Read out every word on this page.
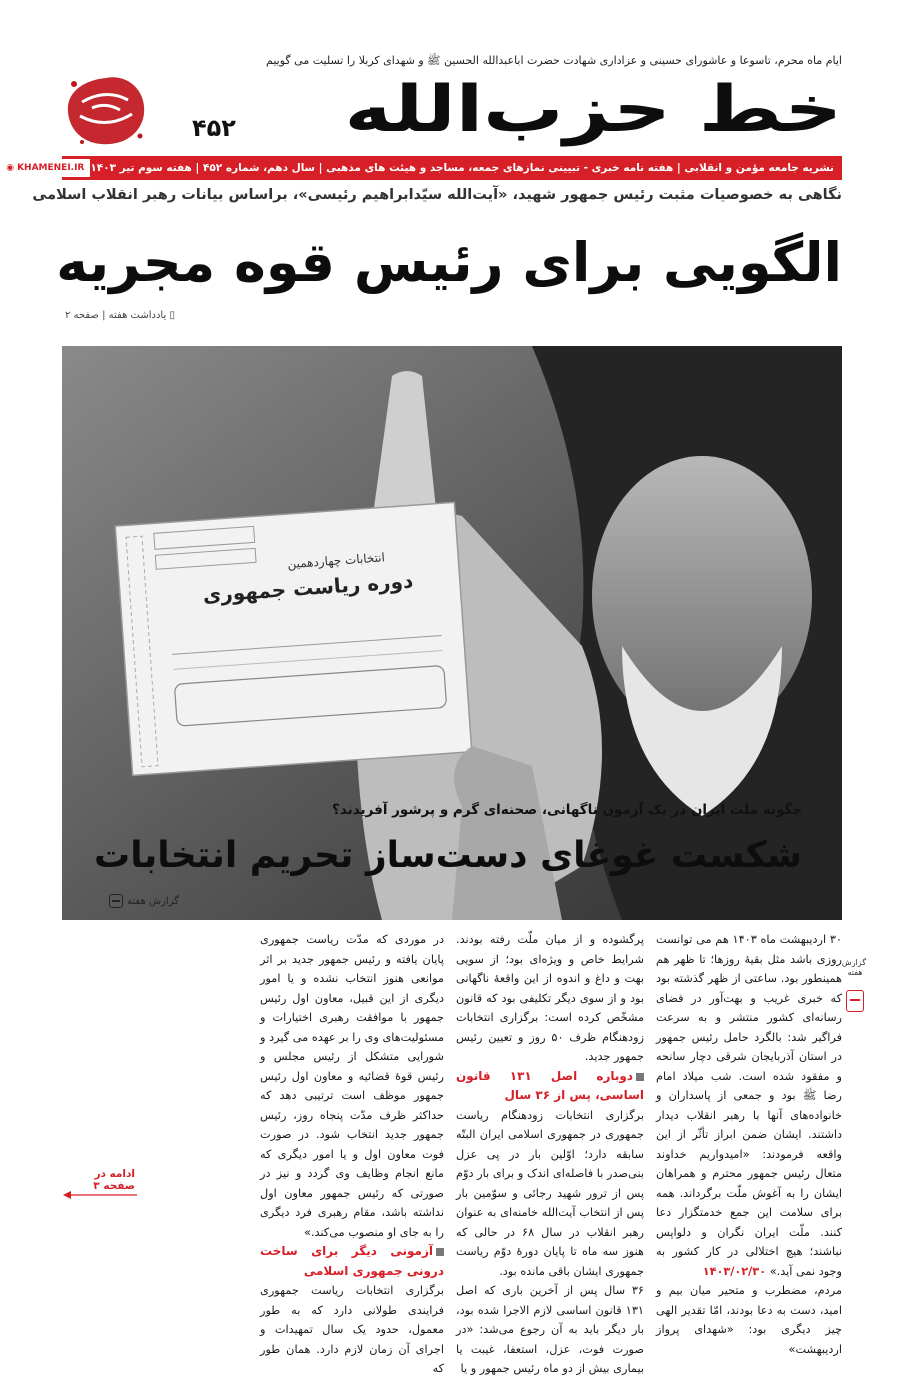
ایام ماه محرم، تاسوعا و عاشورای حسینی و عزاداری شهادت حضرت اباعبدالله الحسین ﷺ و شهدای کربلا را تسلیت می گوییم
خط حزب‌الله
۴۵۲
نشریه جامعه مؤمن و انقلابی | هفته نامه خبری - تبیینی نمازهای جمعه، مساجد و هیئت های مذهبی | سال دهم، شماره ۴۵۲ | هفته سوم تیر ۱۴۰۳
◉ KHAMENEI.IR
نگاهی به خصوصیات مثبت رئیس جمهور شهید، «آیت‌الله سیّدابراهیم رئیسی»، براساس بیانات رهبر انقلاب اسلامی
الگویی برای رئیس قوه مجریه
▯ یادداشت هفته | صفحه ۲
انتخابات چهاردهمین
دوره ریاست جمهوری
چگونه ملت ایران در یک آزمون ناگهانی، صحنه‌ای گرم و پرشور آفریدند؟
شکست غوغای دست‌ساز تحریم انتخابات
گزارش هفته
گزارش هفته

۳۰ اردیبهشت ماه ۱۴۰۳ هم می توانست روزی باشد مثل بقیهٔ روزها؛ تا ظهر هم همینطور بود. ساعتی از ظهر گذشته بود که خبری غریب و بهت‌آور در فضای رسانه‌ای کشور منتشر و به سرعت فراگیر شد: بالگرد حامل رئیس جمهور در استان آذربایجان شرقی دچار سانحه و مفقود شده است. شب میلاد امام رضا ﷺ بود و جمعی از پاسداران و خانواده‌های آنها با رهبر انقلاب دیدار داشتند. ایشان ضمن ابراز تأثّر از این واقعه فرمودند: «امیدواریم خداوند متعال رئیس جمهور محترم و همراهان ایشان را به آغوش ملّت برگرداند. همه برای سلامت این جمع خدمتگزار دعا کنند. ملّت ایران نگران و دلواپس نباشند؛ هیچ اختلالی در کار کشور به وجود نمی آید.» ۱۴۰۳/۰۲/۳۰

مردم، مضطرب و متحیر میان بیم و امید، دست به دعا بودند، امّا تقدیر الهی چیز دیگری بود: «شهدای پرواز اردیبهشت»

پرگشوده و از میان ملّت رفته بودند. شرایط خاص و ویژه‌ای بود؛ از سویی بهت و داغ و اندوه از این واقعهٔ ناگهانی بود و از سوی دیگر تکلیفی بود که قانون مشخّص کرده است: برگزاری انتخابات زودهنگام ظرف ۵۰ روز و تعیین رئیس جمهور جدید.

دوباره اصل ۱۳۱ قانون اساسی، پس از ۳۶ سال

برگزاری انتخابات زودهنگام ریاست جمهوری در جمهوری اسلامی ایران البتّه سابقه دارد؛ اوّلین بار در پی عزل بنی‌صدر با فاصله‌ای اندک و برای بار دوّم پس از ترور شهید رجائی و سوّمین بار پس از انتخاب آیت‌الله خامنه‌ای به عنوان رهبر انقلاب در سال ۶۸ در حالی که هنوز سه ماه تا پایان دورهٔ دوّم ریاست جمهوری ایشان باقی مانده بود.

۳۶ سال پس از آخرین باری که اصل ۱۳۱ قانون اساسی لازم الاجرا شده بود، بار دیگر باید به آن رجوع می‌شد: «در صورت فوت، عزل، استعفا، غیبت یا بیماری بیش از دو ماه رئیس جمهور و یا

در موردی که مدّت ریاست جمهوری پایان یافته و رئیس جمهور جدید بر اثر موانعی هنوز انتخاب نشده و یا امور دیگری از این قبیل، معاون اول رئیس جمهور با موافقت رهبری اختیارات و مسئولیت‌های وی را بر عهده می گیرد و شورایی متشکل از رئیس مجلس و رئیس قوهٔ قضائیه و معاون اول رئیس جمهور موظف است ترتیبی دهد که حداکثر ظرف مدّت پنجاه روز، رئیس جمهور جدید انتخاب شود. در صورت فوت معاون اول و یا امور دیگری که مانع انجام وظایف وی گردد و نیز در صورتی که رئیس جمهور معاون اول نداشته باشد، مقام رهبری فرد دیگری را به جای او منصوب می‌کند.»

آزمونی دیگر برای ساخت درونی جمهوری اسلامی

برگزاری انتخابات ریاست جمهوری فرایندی طولانی دارد که به طور معمول، حدود یک سال تمهیدات و اجرای آن زمان لازم دارد. همان طور که

ادامه در صفحه ۳
